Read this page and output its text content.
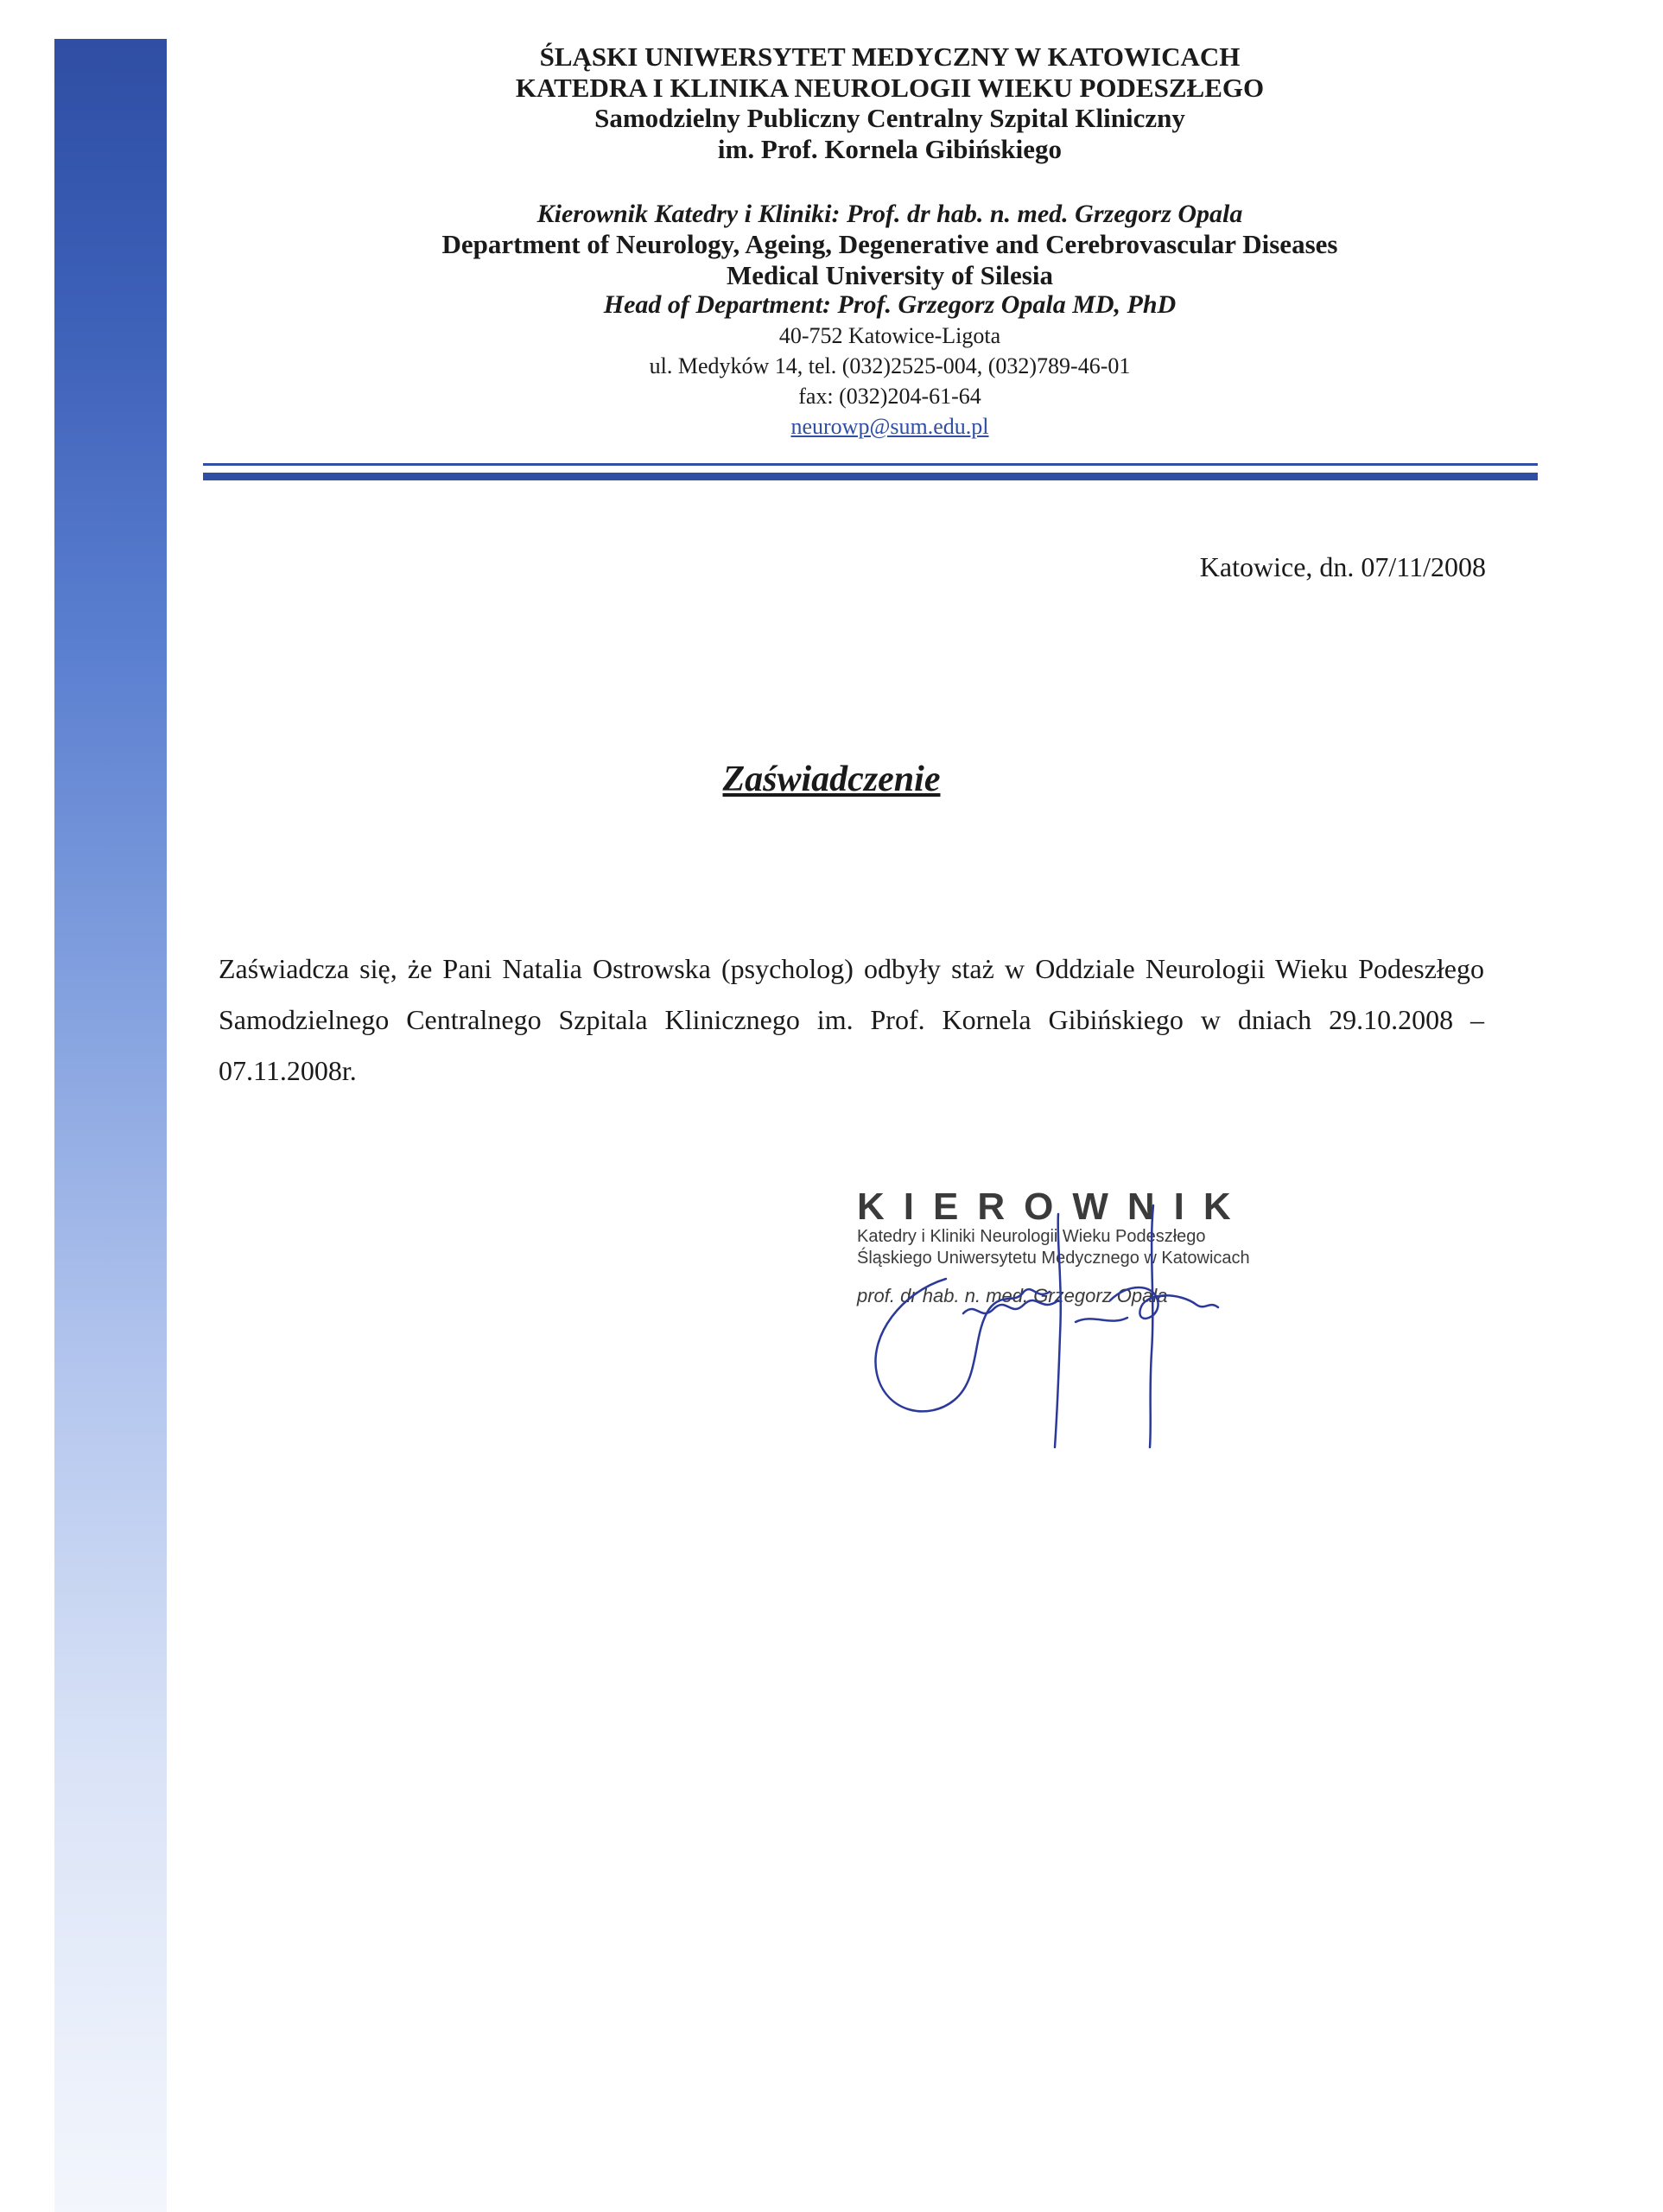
ŚLĄSKI UNIWERSYTET MEDYCZNY W KATOWICACH

KATEDRA I KLINIKA NEUROLOGII WIEKU PODESZŁEGO

Samodzielny Publiczny Centralny Szpital Kliniczny

im. Prof. Kornela Gibińskiego

Kierownik Katedry i Kliniki: Prof. dr hab. n. med. Grzegorz Opala

Department of Neurology, Ageing, Degenerative and Cerebrovascular Diseases

Medical University of Silesia

Head of Department: Prof. Grzegorz Opala MD, PhD

40-752 Katowice-Ligota

ul. Medyków 14, tel. (032)2525-004, (032)789-46-01

fax: (032)204-61-64

neurowp@sum.edu.pl

Katowice, dn. 07/11/2008
Zaświadczenie
Zaświadcza się, że Pani Natalia Ostrowska (psycholog) odbyły staż w Oddziale Neurologii Wieku Podeszłego Samodzielnego Centralnego Szpitala Klinicznego im. Prof. Kornela Gibińskiego w dniach 29.10.2008 – 07.11.2008r.

KIEROWNIK

Katedry i Kliniki Neurologii Wieku Podeszłego

Śląskiego Uniwersytetu Medycznego w Katowicach

prof. dr hab. n. med. Grzegorz Opala
